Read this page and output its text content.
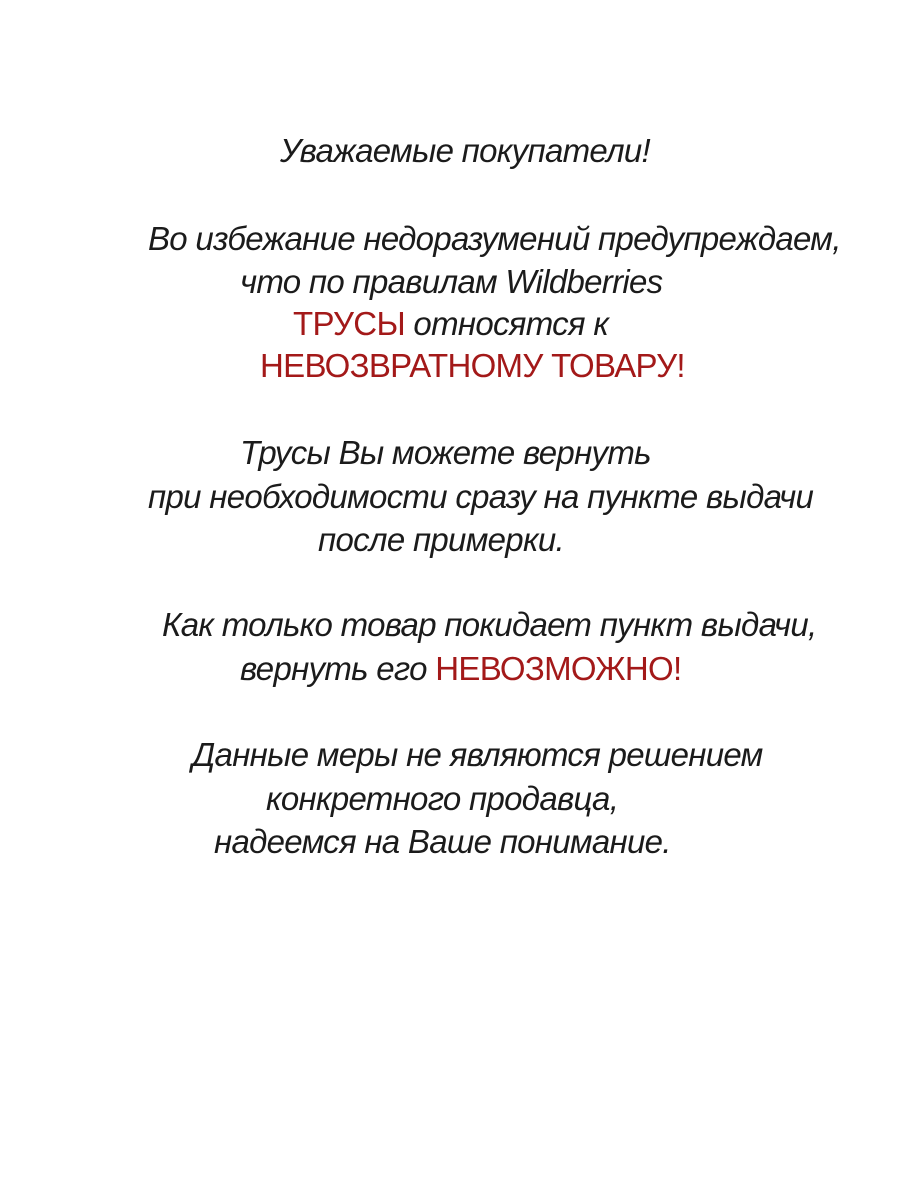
Уважаемые покупатели!

Во избежание недоразумений предупреждаем,

что по правилам Wildberries

ТРУСЫ относятся к

НЕВОЗВРАТНОМУ ТОВАРУ!

Трусы Вы можете вернуть

при необходимости сразу на пункте выдачи

после примерки.

Как только товар покидает пункт выдачи,

вернуть его НЕВОЗМОЖНО!

Данные меры не являются решением

конкретного продавца,

надеемся на Ваше понимание.
